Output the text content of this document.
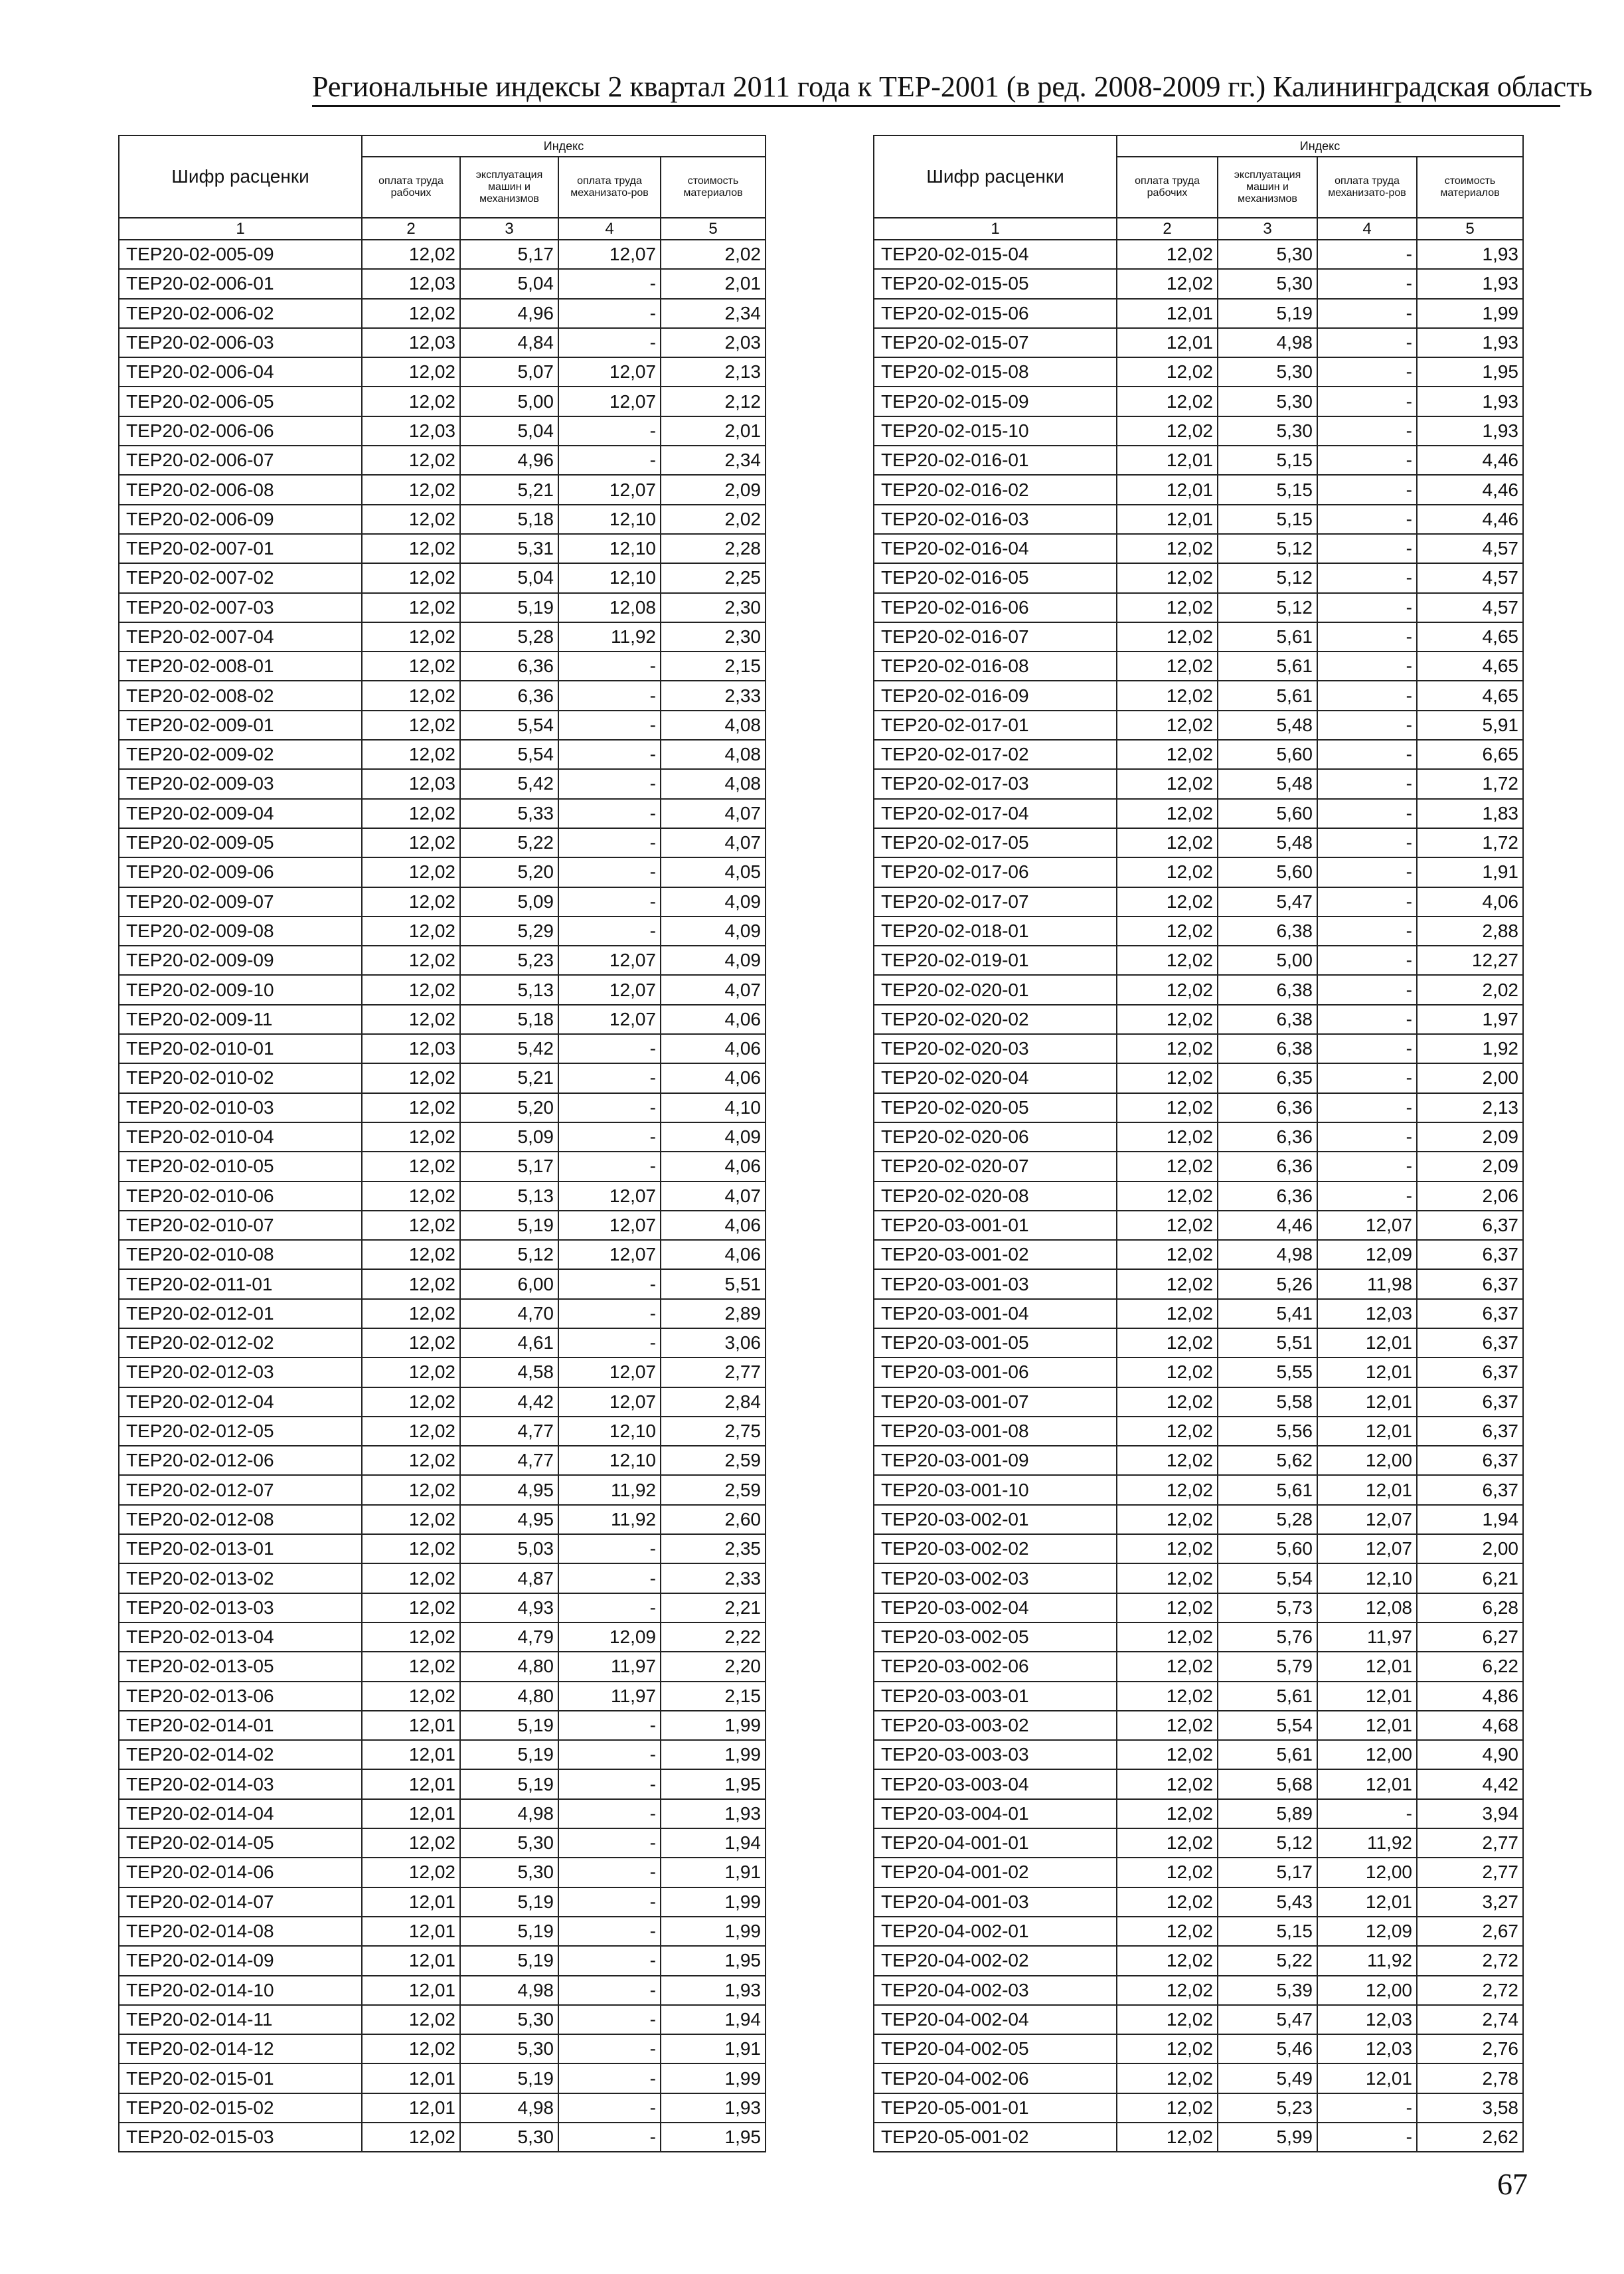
Региональные индексы 2 квартал 2011 года к ТЕР-2001 (в ред. 2008-2009 гг.) Калининградская область
Шифр расценки	Индекс			
	оплата труда рабочих	эксплуатация машин и механизмов	оплата труда механизато-ров	стоимость материалов
1	2	3	4	5
ТЕР20-02-005-09	12,02	5,17	12,07	2,02
ТЕР20-02-006-01	12,03	5,04	-	2,01
ТЕР20-02-006-02	12,02	4,96	-	2,34
ТЕР20-02-006-03	12,03	4,84	-	2,03
ТЕР20-02-006-04	12,02	5,07	12,07	2,13
ТЕР20-02-006-05	12,02	5,00	12,07	2,12
ТЕР20-02-006-06	12,03	5,04	-	2,01
ТЕР20-02-006-07	12,02	4,96	-	2,34
ТЕР20-02-006-08	12,02	5,21	12,07	2,09
ТЕР20-02-006-09	12,02	5,18	12,10	2,02
ТЕР20-02-007-01	12,02	5,31	12,10	2,28
ТЕР20-02-007-02	12,02	5,04	12,10	2,25
ТЕР20-02-007-03	12,02	5,19	12,08	2,30
ТЕР20-02-007-04	12,02	5,28	11,92	2,30
ТЕР20-02-008-01	12,02	6,36	-	2,15
ТЕР20-02-008-02	12,02	6,36	-	2,33
ТЕР20-02-009-01	12,02	5,54	-	4,08
ТЕР20-02-009-02	12,02	5,54	-	4,08
ТЕР20-02-009-03	12,03	5,42	-	4,08
ТЕР20-02-009-04	12,02	5,33	-	4,07
ТЕР20-02-009-05	12,02	5,22	-	4,07
ТЕР20-02-009-06	12,02	5,20	-	4,05
ТЕР20-02-009-07	12,02	5,09	-	4,09
ТЕР20-02-009-08	12,02	5,29	-	4,09
ТЕР20-02-009-09	12,02	5,23	12,07	4,09
ТЕР20-02-009-10	12,02	5,13	12,07	4,07
ТЕР20-02-009-11	12,02	5,18	12,07	4,06
ТЕР20-02-010-01	12,03	5,42	-	4,06
ТЕР20-02-010-02	12,02	5,21	-	4,06
ТЕР20-02-010-03	12,02	5,20	-	4,10
ТЕР20-02-010-04	12,02	5,09	-	4,09
ТЕР20-02-010-05	12,02	5,17	-	4,06
ТЕР20-02-010-06	12,02	5,13	12,07	4,07
ТЕР20-02-010-07	12,02	5,19	12,07	4,06
ТЕР20-02-010-08	12,02	5,12	12,07	4,06
ТЕР20-02-011-01	12,02	6,00	-	5,51
ТЕР20-02-012-01	12,02	4,70	-	2,89
ТЕР20-02-012-02	12,02	4,61	-	3,06
ТЕР20-02-012-03	12,02	4,58	12,07	2,77
ТЕР20-02-012-04	12,02	4,42	12,07	2,84
ТЕР20-02-012-05	12,02	4,77	12,10	2,75
ТЕР20-02-012-06	12,02	4,77	12,10	2,59
ТЕР20-02-012-07	12,02	4,95	11,92	2,59
ТЕР20-02-012-08	12,02	4,95	11,92	2,60
ТЕР20-02-013-01	12,02	5,03	-	2,35
ТЕР20-02-013-02	12,02	4,87	-	2,33
ТЕР20-02-013-03	12,02	4,93	-	2,21
ТЕР20-02-013-04	12,02	4,79	12,09	2,22
ТЕР20-02-013-05	12,02	4,80	11,97	2,20
ТЕР20-02-013-06	12,02	4,80	11,97	2,15
ТЕР20-02-014-01	12,01	5,19	-	1,99
ТЕР20-02-014-02	12,01	5,19	-	1,99
ТЕР20-02-014-03	12,01	5,19	-	1,95
ТЕР20-02-014-04	12,01	4,98	-	1,93
ТЕР20-02-014-05	12,02	5,30	-	1,94
ТЕР20-02-014-06	12,02	5,30	-	1,91
ТЕР20-02-014-07	12,01	5,19	-	1,99
ТЕР20-02-014-08	12,01	5,19	-	1,99
ТЕР20-02-014-09	12,01	5,19	-	1,95
ТЕР20-02-014-10	12,01	4,98	-	1,93
ТЕР20-02-014-11	12,02	5,30	-	1,94
ТЕР20-02-014-12	12,02	5,30	-	1,91
ТЕР20-02-015-01	12,01	5,19	-	1,99
ТЕР20-02-015-02	12,01	4,98	-	1,93
ТЕР20-02-015-03	12,02	5,30	-	1,95
Шифр расценки	Индекс			
	оплата труда рабочих	эксплуатация машин и механизмов	оплата труда механизато-ров	стоимость материалов
1	2	3	4	5
ТЕР20-02-015-04	12,02	5,30	-	1,93
ТЕР20-02-015-05	12,02	5,30	-	1,93
ТЕР20-02-015-06	12,01	5,19	-	1,99
ТЕР20-02-015-07	12,01	4,98	-	1,93
ТЕР20-02-015-08	12,02	5,30	-	1,95
ТЕР20-02-015-09	12,02	5,30	-	1,93
ТЕР20-02-015-10	12,02	5,30	-	1,93
ТЕР20-02-016-01	12,01	5,15	-	4,46
ТЕР20-02-016-02	12,01	5,15	-	4,46
ТЕР20-02-016-03	12,01	5,15	-	4,46
ТЕР20-02-016-04	12,02	5,12	-	4,57
ТЕР20-02-016-05	12,02	5,12	-	4,57
ТЕР20-02-016-06	12,02	5,12	-	4,57
ТЕР20-02-016-07	12,02	5,61	-	4,65
ТЕР20-02-016-08	12,02	5,61	-	4,65
ТЕР20-02-016-09	12,02	5,61	-	4,65
ТЕР20-02-017-01	12,02	5,48	-	5,91
ТЕР20-02-017-02	12,02	5,60	-	6,65
ТЕР20-02-017-03	12,02	5,48	-	1,72
ТЕР20-02-017-04	12,02	5,60	-	1,83
ТЕР20-02-017-05	12,02	5,48	-	1,72
ТЕР20-02-017-06	12,02	5,60	-	1,91
ТЕР20-02-017-07	12,02	5,47	-	4,06
ТЕР20-02-018-01	12,02	6,38	-	2,88
ТЕР20-02-019-01	12,02	5,00	-	12,27
ТЕР20-02-020-01	12,02	6,38	-	2,02
ТЕР20-02-020-02	12,02	6,38	-	1,97
ТЕР20-02-020-03	12,02	6,38	-	1,92
ТЕР20-02-020-04	12,02	6,35	-	2,00
ТЕР20-02-020-05	12,02	6,36	-	2,13
ТЕР20-02-020-06	12,02	6,36	-	2,09
ТЕР20-02-020-07	12,02	6,36	-	2,09
ТЕР20-02-020-08	12,02	6,36	-	2,06
ТЕР20-03-001-01	12,02	4,46	12,07	6,37
ТЕР20-03-001-02	12,02	4,98	12,09	6,37
ТЕР20-03-001-03	12,02	5,26	11,98	6,37
ТЕР20-03-001-04	12,02	5,41	12,03	6,37
ТЕР20-03-001-05	12,02	5,51	12,01	6,37
ТЕР20-03-001-06	12,02	5,55	12,01	6,37
ТЕР20-03-001-07	12,02	5,58	12,01	6,37
ТЕР20-03-001-08	12,02	5,56	12,01	6,37
ТЕР20-03-001-09	12,02	5,62	12,00	6,37
ТЕР20-03-001-10	12,02	5,61	12,01	6,37
ТЕР20-03-002-01	12,02	5,28	12,07	1,94
ТЕР20-03-002-02	12,02	5,60	12,07	2,00
ТЕР20-03-002-03	12,02	5,54	12,10	6,21
ТЕР20-03-002-04	12,02	5,73	12,08	6,28
ТЕР20-03-002-05	12,02	5,76	11,97	6,27
ТЕР20-03-002-06	12,02	5,79	12,01	6,22
ТЕР20-03-003-01	12,02	5,61	12,01	4,86
ТЕР20-03-003-02	12,02	5,54	12,01	4,68
ТЕР20-03-003-03	12,02	5,61	12,00	4,90
ТЕР20-03-003-04	12,02	5,68	12,01	4,42
ТЕР20-03-004-01	12,02	5,89	-	3,94
ТЕР20-04-001-01	12,02	5,12	11,92	2,77
ТЕР20-04-001-02	12,02	5,17	12,00	2,77
ТЕР20-04-001-03	12,02	5,43	12,01	3,27
ТЕР20-04-002-01	12,02	5,15	12,09	2,67
ТЕР20-04-002-02	12,02	5,22	11,92	2,72
ТЕР20-04-002-03	12,02	5,39	12,00	2,72
ТЕР20-04-002-04	12,02	5,47	12,03	2,74
ТЕР20-04-002-05	12,02	5,46	12,03	2,76
ТЕР20-04-002-06	12,02	5,49	12,01	2,78
ТЕР20-05-001-01	12,02	5,23	-	3,58
ТЕР20-05-001-02	12,02	5,99	-	2,62
67
